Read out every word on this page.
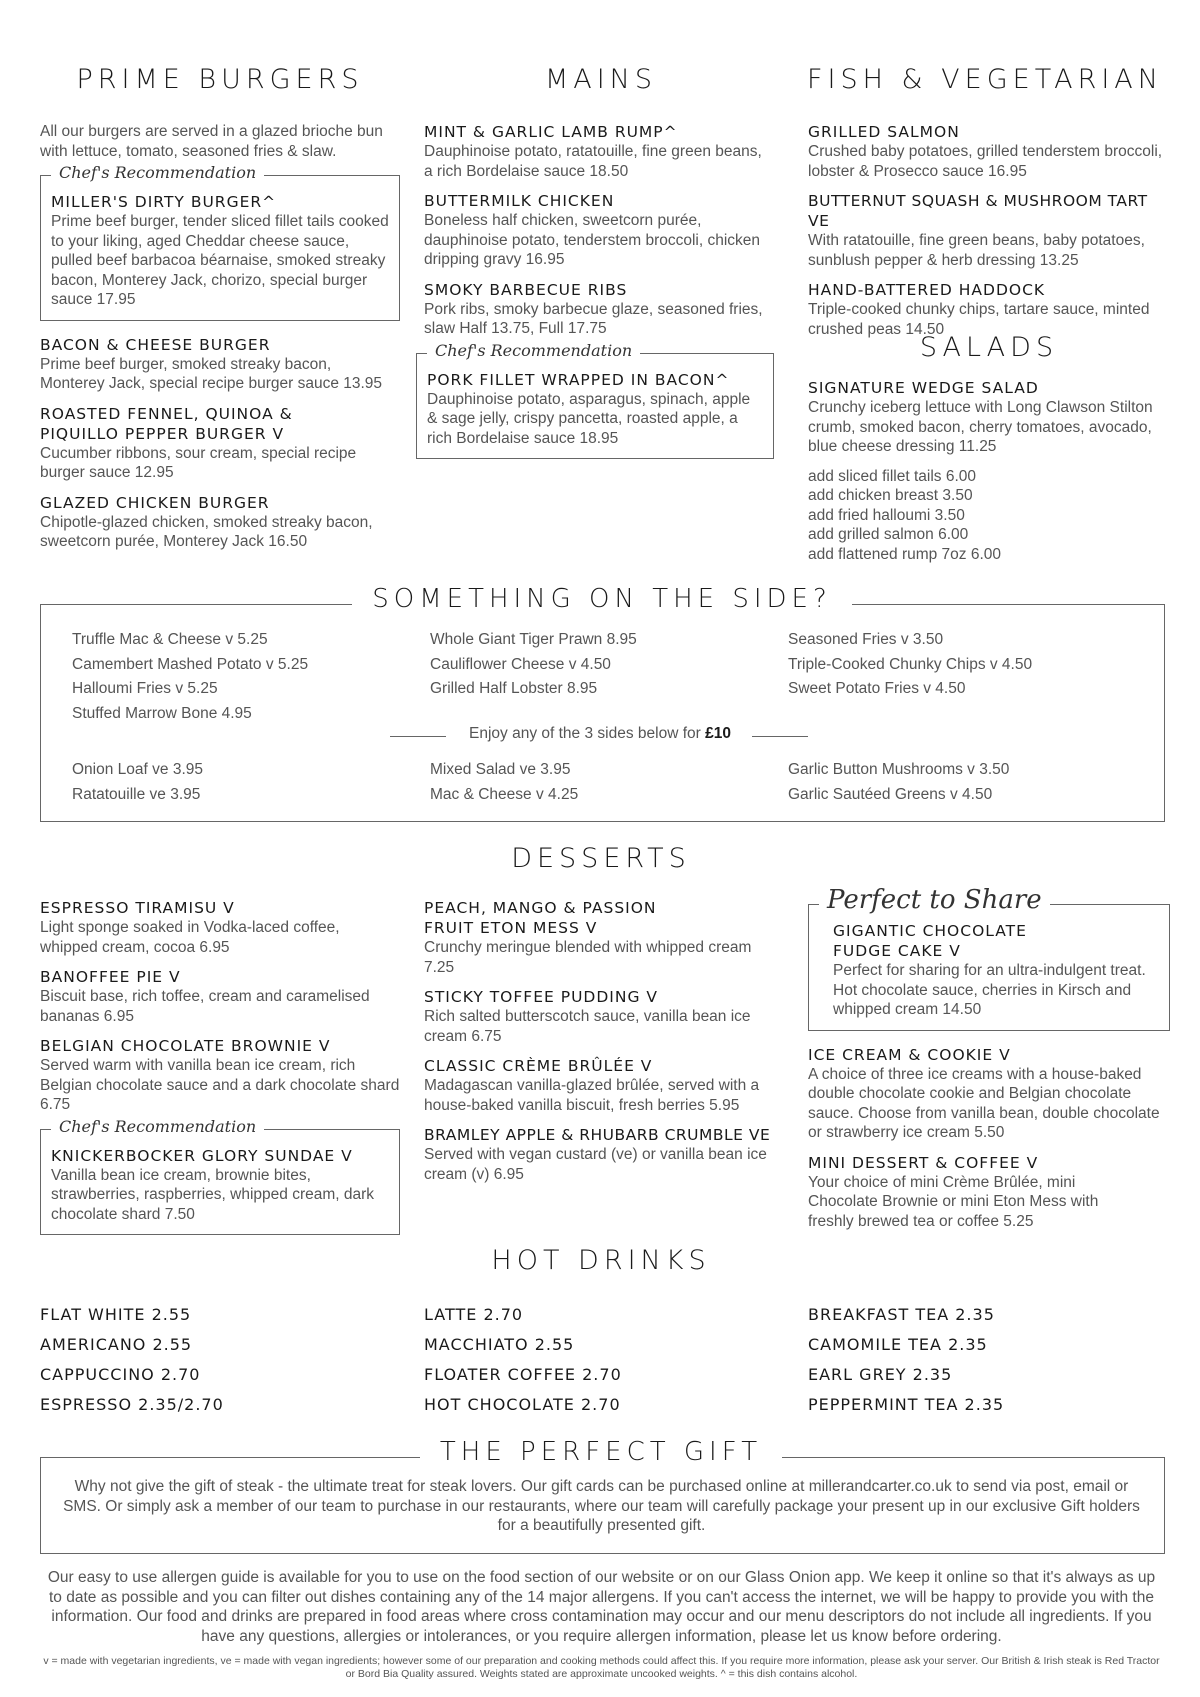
PRIME BURGERS
All our burgers are served in a glazed brioche bun with lettuce, tomato, seasoned fries & slaw.
Chef's Recommendation
MILLER'S DIRTY BURGER^
Prime beef burger, tender sliced fillet tails cooked to your liking, aged Cheddar cheese sauce, pulled beef barbacoa béarnaise, smoked streaky bacon, Monterey Jack, chorizo, special burger sauce 17.95
BACON & CHEESE BURGER
Prime beef burger, smoked streaky bacon, Monterey Jack, special recipe burger sauce 13.95
ROASTED FENNEL, QUINOA & PIQUILLO PEPPER BURGER V
Cucumber ribbons, sour cream, special recipe burger sauce 12.95
GLAZED CHICKEN BURGER
Chipotle-glazed chicken, smoked streaky bacon, sweetcorn purée, Monterey Jack 16.50
MAINS
MINT & GARLIC LAMB RUMP^
Dauphinoise potato, ratatouille, fine green beans, a rich Bordelaise sauce 18.50
BUTTERMILK CHICKEN
Boneless half chicken, sweetcorn purée, dauphinoise potato, tenderstem broccoli, chicken dripping gravy 16.95
SMOKY BARBECUE RIBS
Pork ribs, smoky barbecue glaze, seasoned fries, slaw Half 13.75, Full 17.75
Chef's Recommendation
PORK FILLET WRAPPED IN BACON^
Dauphinoise potato, asparagus, spinach, apple & sage jelly, crispy pancetta, roasted apple, a rich Bordelaise sauce 18.95
FISH & VEGETARIAN
GRILLED SALMON
Crushed baby potatoes, grilled tenderstem broccoli, lobster & Prosecco sauce 16.95
BUTTERNUT SQUASH & MUSHROOM TART VE
With ratatouille, fine green beans, baby potatoes, sunblush pepper & herb dressing 13.25
HAND-BATTERED HADDOCK
Triple-cooked chunky chips, tartare sauce, minted crushed peas 14.50
SALADS
SIGNATURE WEDGE SALAD
Crunchy iceberg lettuce with Long Clawson Stilton crumb, smoked bacon, cherry tomatoes, avocado, blue cheese dressing 11.25
add sliced fillet tails 6.00
add chicken breast 3.50
add fried halloumi 3.50
add grilled salmon 6.00
add flattened rump 7oz 6.00
SOMETHING ON THE SIDE?
Truffle Mac & Cheese v 5.25
Camembert Mashed Potato v 5.25
Halloumi Fries v 5.25
Stuffed Marrow Bone 4.95
Whole Giant Tiger Prawn 8.95
Cauliflower Cheese v 4.50
Grilled Half Lobster 8.95
Seasoned Fries v 3.50
Triple-Cooked Chunky Chips v 4.50
Sweet Potato Fries v 4.50
Enjoy any of the 3 sides below for £10
Onion Loaf ve 3.95
Ratatouille ve 3.95
Mixed Salad ve 3.95
Mac & Cheese v 4.25
Garlic Button Mushrooms v 3.50
Garlic Sautéed Greens v 4.50
DESSERTS
ESPRESSO TIRAMISU V
Light sponge soaked in Vodka-laced coffee, whipped cream, cocoa 6.95
BANOFFEE PIE V
Biscuit base, rich toffee, cream and caramelised bananas 6.95
BELGIAN CHOCOLATE BROWNIE V
Served warm with vanilla bean ice cream, rich Belgian chocolate sauce and a dark chocolate shard 6.75
Chef's Recommendation
KNICKERBOCKER GLORY SUNDAE V
Vanilla bean ice cream, brownie bites, strawberries, raspberries, whipped cream, dark chocolate shard 7.50
PEACH, MANGO & PASSION FRUIT ETON MESS V
Crunchy meringue blended with whipped cream 7.25
STICKY TOFFEE PUDDING V
Rich salted butterscotch sauce, vanilla bean ice cream 6.75
CLASSIC CRÈME BRÛLÉE V
Madagascan vanilla-glazed brûlée, served with a house-baked vanilla biscuit, fresh berries 5.95
BRAMLEY APPLE & RHUBARB CRUMBLE VE
Served with vegan custard (ve) or vanilla bean ice cream (v) 6.95
Perfect to Share
GIGANTIC CHOCOLATE FUDGE CAKE V
Perfect for sharing for an ultra-indulgent treat. Hot chocolate sauce, cherries in Kirsch and whipped cream 14.50
ICE CREAM & COOKIE V
A choice of three ice creams with a house-baked double chocolate cookie and Belgian chocolate sauce. Choose from vanilla bean, double chocolate or strawberry ice cream 5.50
MINI DESSERT & COFFEE V
Your choice of mini Crème Brûlée, mini Chocolate Brownie or mini Eton Mess with freshly brewed tea or coffee 5.25
HOT DRINKS
FLAT WHITE 2.55
AMERICANO 2.55
CAPPUCCINO 2.70
ESPRESSO 2.35/2.70
LATTE 2.70
MACCHIATO 2.55
FLOATER COFFEE 2.70
HOT CHOCOLATE 2.70
BREAKFAST TEA 2.35
CAMOMILE TEA 2.35
EARL GREY 2.35
PEPPERMINT TEA 2.35
THE PERFECT GIFT
Why not give the gift of steak - the ultimate treat for steak lovers. Our gift cards can be purchased online at millerandcarter.co.uk to send via post, email or SMS. Or simply ask a member of our team to purchase in our restaurants, where our team will carefully package your present up in our exclusive Gift holders for a beautifully presented gift.
Our easy to use allergen guide is available for you to use on the food section of our website or on our Glass Onion app. We keep it online so that it's always as up to date as possible and you can filter out dishes containing any of the 14 major allergens. If you can't access the internet, we will be happy to provide you with the information. Our food and drinks are prepared in food areas where cross contamination may occur and our menu descriptors do not include all ingredients. If you have any questions, allergies or intolerances, or you require allergen information, please let us know before ordering.
v = made with vegetarian ingredients, ve = made with vegan ingredients; however some of our preparation and cooking methods could affect this. If you require more information, please ask your server. Our British & Irish steak is Red Tractor or Bord Bia Quality assured. Weights stated are approximate uncooked weights. ^ = this dish contains alcohol.
